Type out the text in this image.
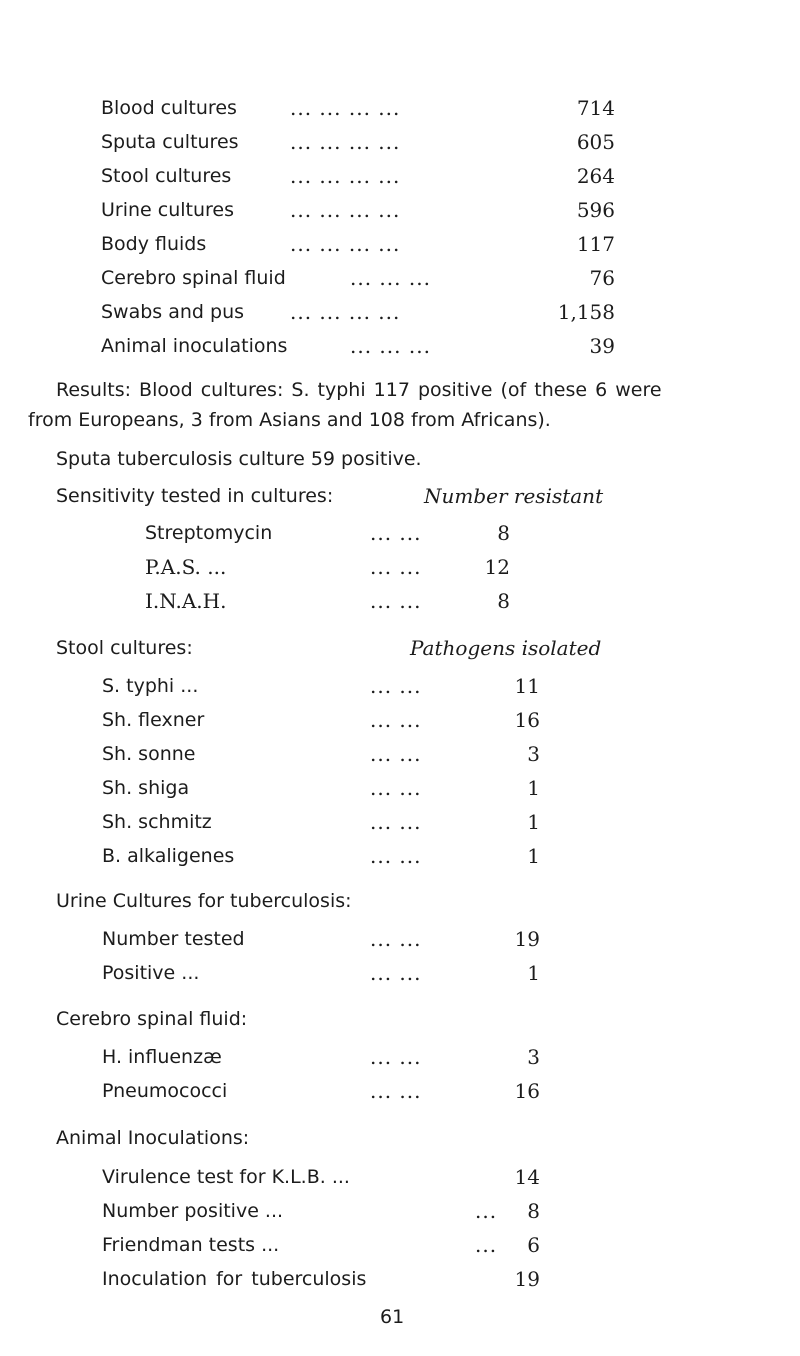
Blood cultures	... ... ... ...	714
Sputa cultures	... ... ... ...	605
Stool cultures	... ... ... ...	264
Urine cultures	... ... ... ...	596
Body fluids	... ... ... ...	117
Cerebro spinal fluid	... ... ...	76
Swabs and pus ... ... ... ...	1,158
Animal inoculations	... ... ...	39
Results: Blood cultures: S. typhi 117 positive (of these 6 were
from Europeans, 3 from Asians and 108 from Africans).
Sputa tuberculosis culture 59 positive.
Sensitivity tested in cultures:	Number resistant
Streptomycin	... ...	8
P.A.S. ...	... ...	12
I.N.A.H.	... ...	8
Stool cultures:	Pathogens isolated
S. typhi ...	... ...	11
Sh. flexner	... ...	16
Sh. sonne	... ...	3
Sh. shiga	... ...	1
Sh. schmitz	... ...	1
B. alkaligenes	... ...	1
Urine Cultures for tuberculosis:
Number tested	... ...	19
Positive ...	... ...	1
Cerebro spinal fluid:
H. influenzæ	... ...	3
Pneumococci	... ...	16
Animal Inoculations:
Virulence test for K.L.B. ...	14
Number positive ...	...	8
Friendman tests ...	...	6
Inoculation for tuberculosis	19
61
